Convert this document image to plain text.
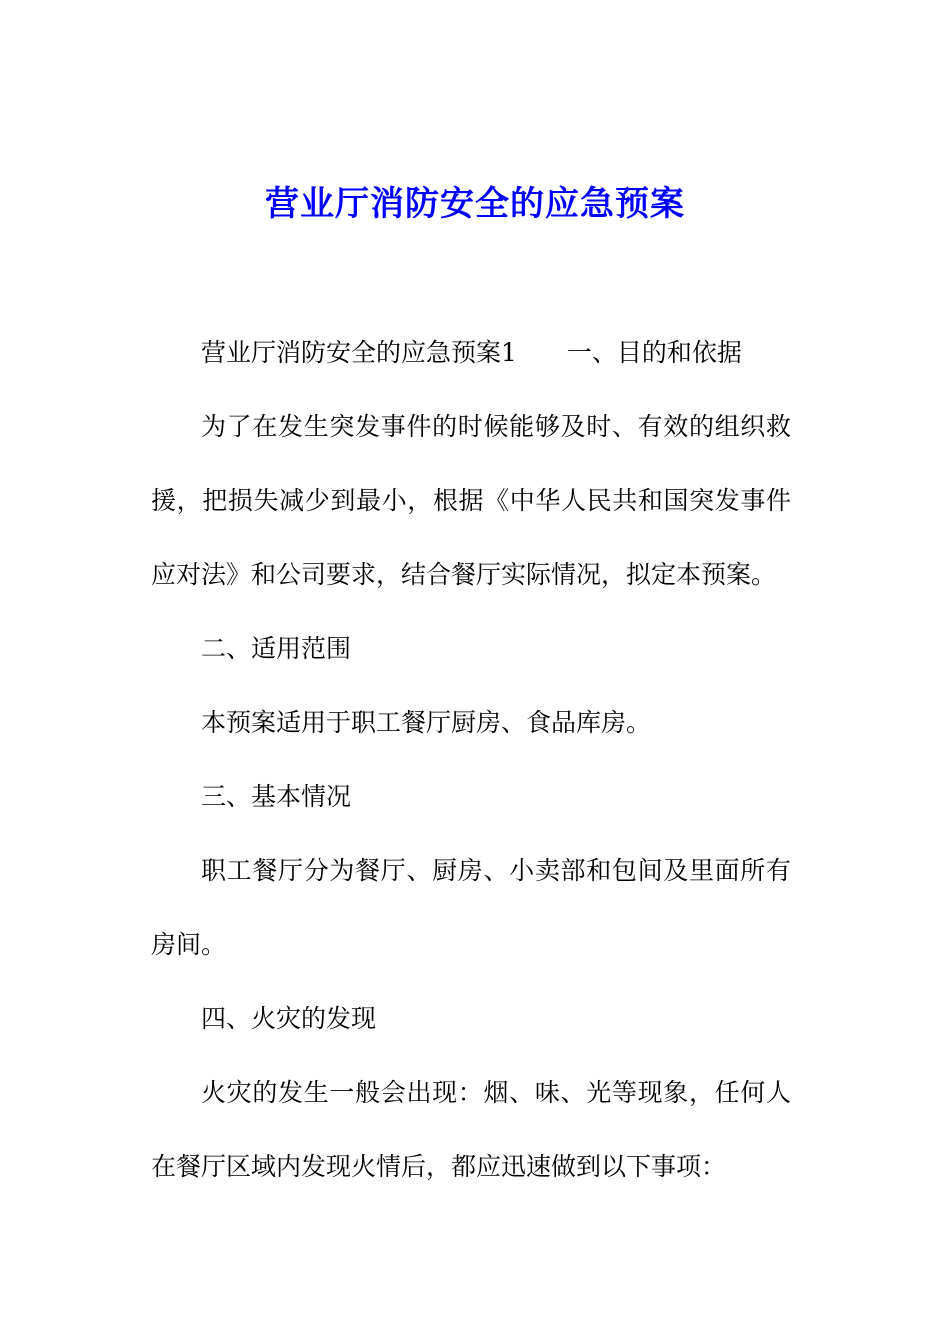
营业厅消防安全的应急预案

营业厅消防安全的应急预案1　　一、目的和依据

为了在发生突发事件的时候能够及时、有效的组织救援，把损失减少到最小，根据《中华人民共和国突发事件应对法》和公司要求，结合餐厅实际情况，拟定本预案。

二、适用范围

本预案适用于职工餐厅厨房、食品库房。

三、基本情况

职工餐厅分为餐厅、厨房、小卖部和包间及里面所有房间。

四、火灾的发现

火灾的发生一般会出现：烟、味、光等现象，任何人在餐厅区域内发现火情后，都应迅速做到以下事项：
